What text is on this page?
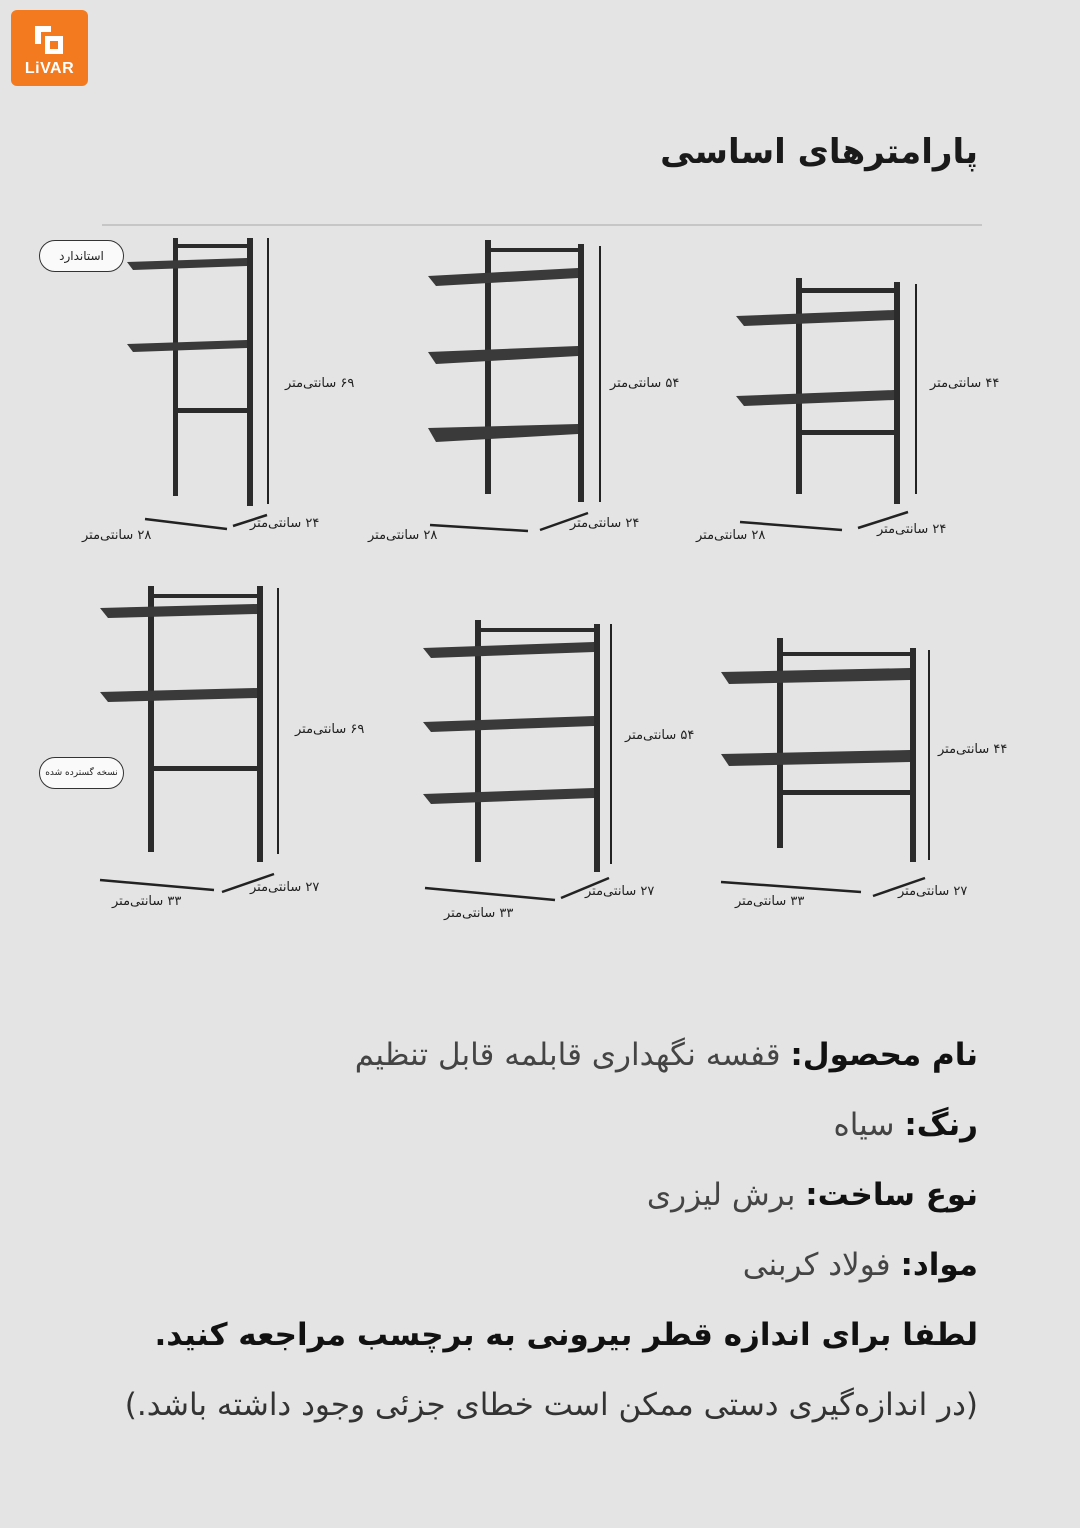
LiVAR
پارامترهای اساسی
استاندارد
نسخه گسترده شده
۶۹ سانتی‌متر
۲۴ سانتی‌متر
۲۸ سانتی‌متر
۵۴ سانتی‌متر
۲۴ سانتی‌متر
۲۸ سانتی‌متر
۴۴ سانتی‌متر
۲۴ سانتی‌متر
۲۸ سانتی‌متر
۶۹ سانتی‌متر
۲۷ سانتی‌متر
۳۳ سانتی‌متر
۵۴ سانتی‌متر
۲۷ سانتی‌متر
۳۳ سانتی‌متر
۴۴ سانتی‌متر
۲۷ سانتی‌متر
۳۳ سانتی‌متر
نام محصول: قفسه نگهداری قابلمه قابل تنظیم
رنگ: سیاه
نوع ساخت: برش لیزری
مواد: فولاد کربنی
لطفا برای اندازه قطر بیرونی به برچسب مراجعه کنید.
(در اندازه‌گیری دستی ممکن است خطای جزئی وجود داشته باشد.)
